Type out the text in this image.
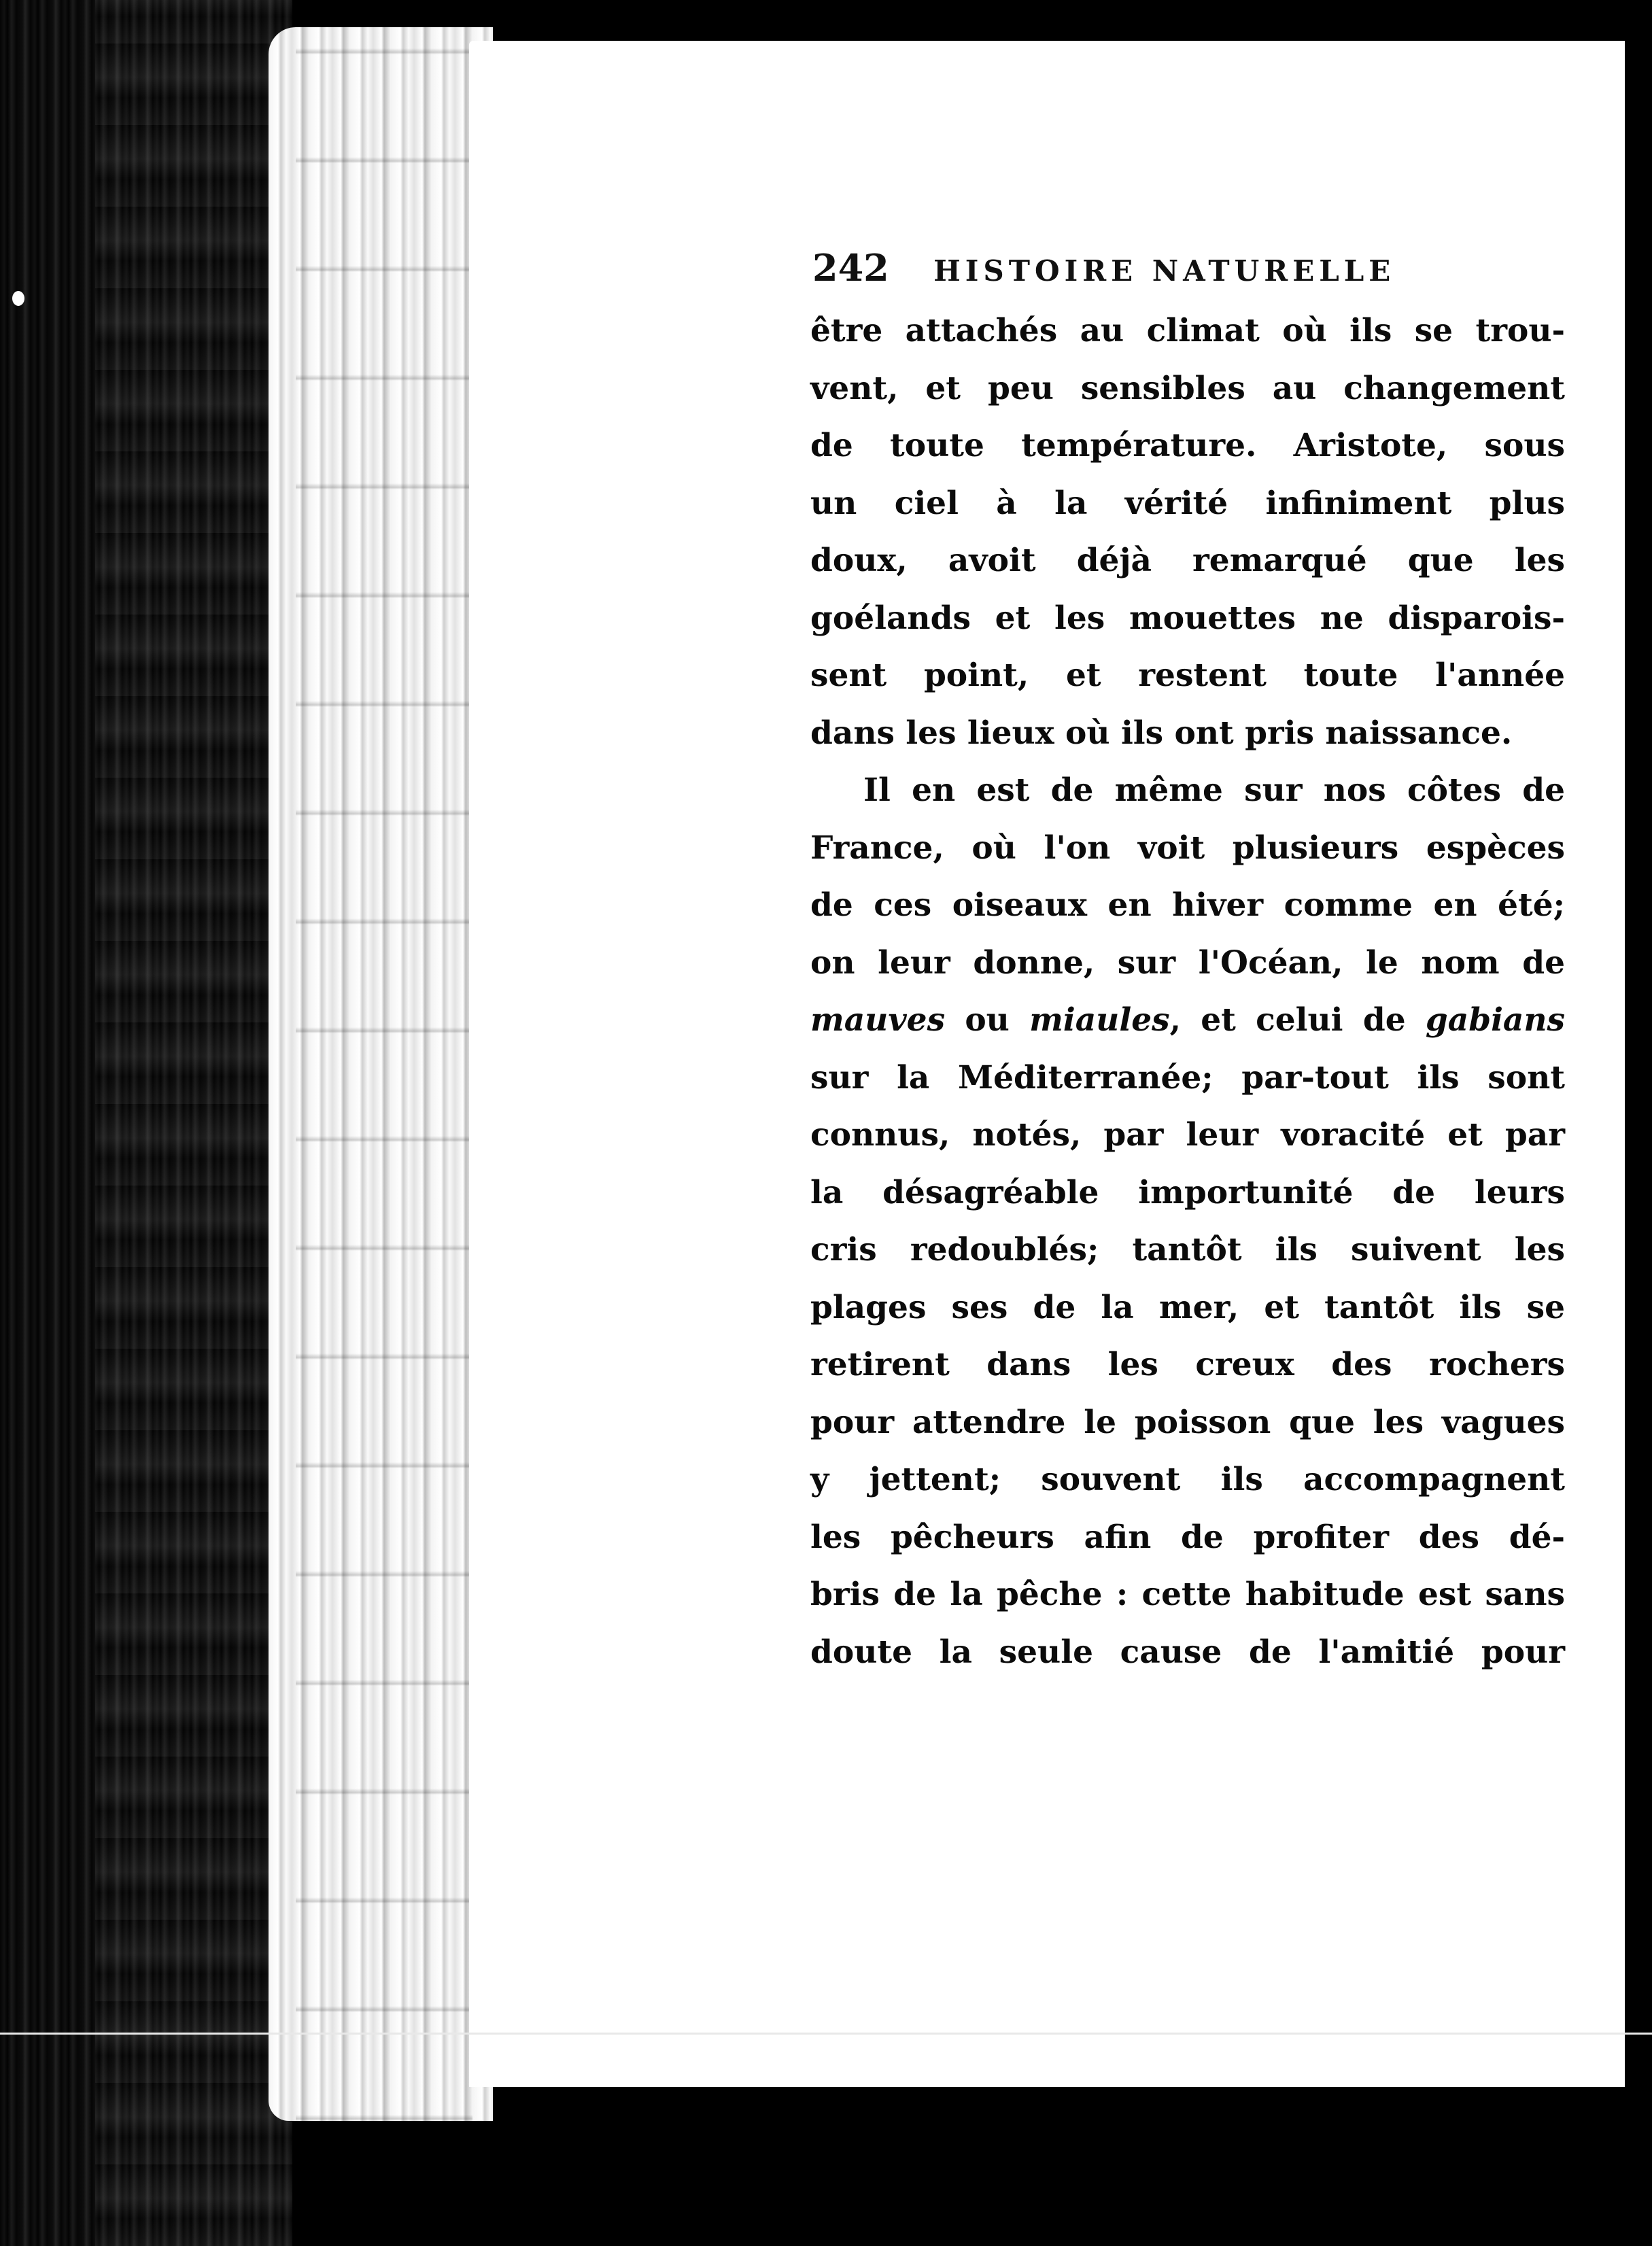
242 HISTOIRE NATURELLE
être attachés au climat où ils se trou-
vent, et peu sensibles au changement
de toute température. Aristote, sous
un ciel à la vérité infiniment plus
doux, avoit déjà remarqué que les
goélands et les mouettes ne disparois-
sent point, et restent toute l'année
dans les lieux où ils ont pris naissance.
Il en est de même sur nos côtes de
France, où l'on voit plusieurs espèces
de ces oiseaux en hiver comme en été;
on leur donne, sur l'Océan, le nom de
mauves ou miaules, et celui de gabians
sur la Méditerranée; par-tout ils sont
connus, notés, par leur voracité et par
la désagréable importunité de leurs
cris redoublés; tantôt ils suivent les
plages ses de la mer, et tantôt ils se
retirent dans les creux des rochers
pour attendre le poisson que les vagues
y jettent; souvent ils accompagnent
les pêcheurs afin de profiter des dé-
bris de la pêche : cette habitude est sans
doute la seule cause de l'amitié pour
